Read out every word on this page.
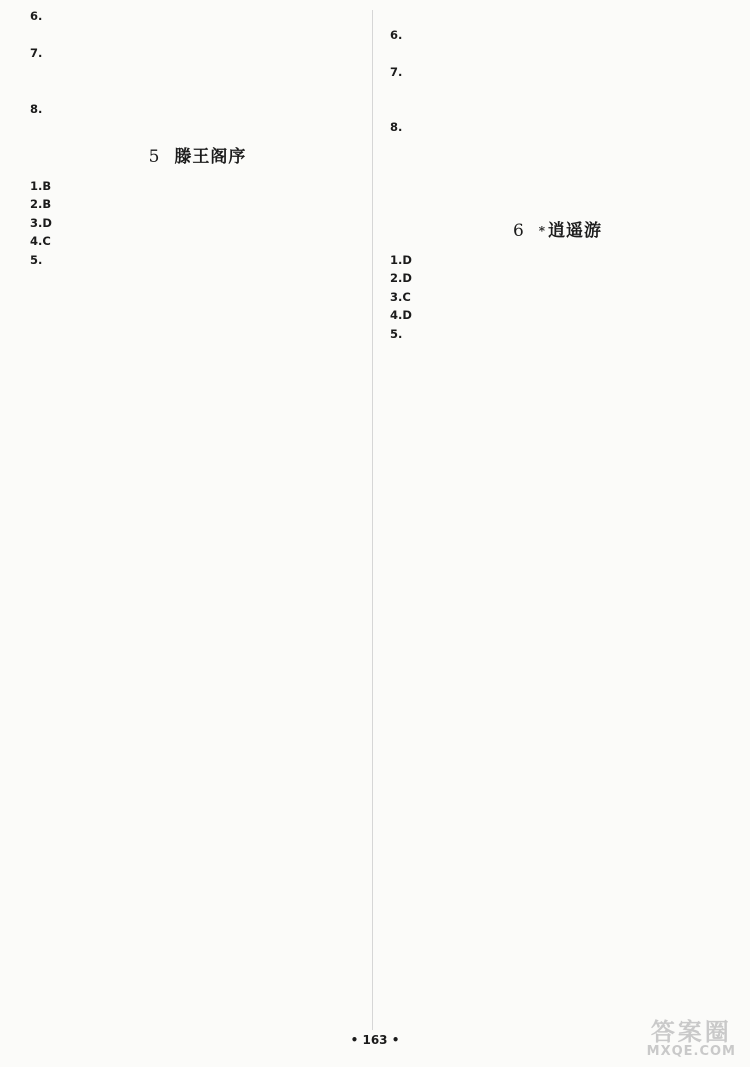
6.
7.
8.
5 滕王阁序
1.B
2.B
3.D
4.C
5.
6.
7.
8.
6 * 逍遥游
1.D
2.D
3.C
4.D
5.
• 163 •	答案圈
MXQE.COM
